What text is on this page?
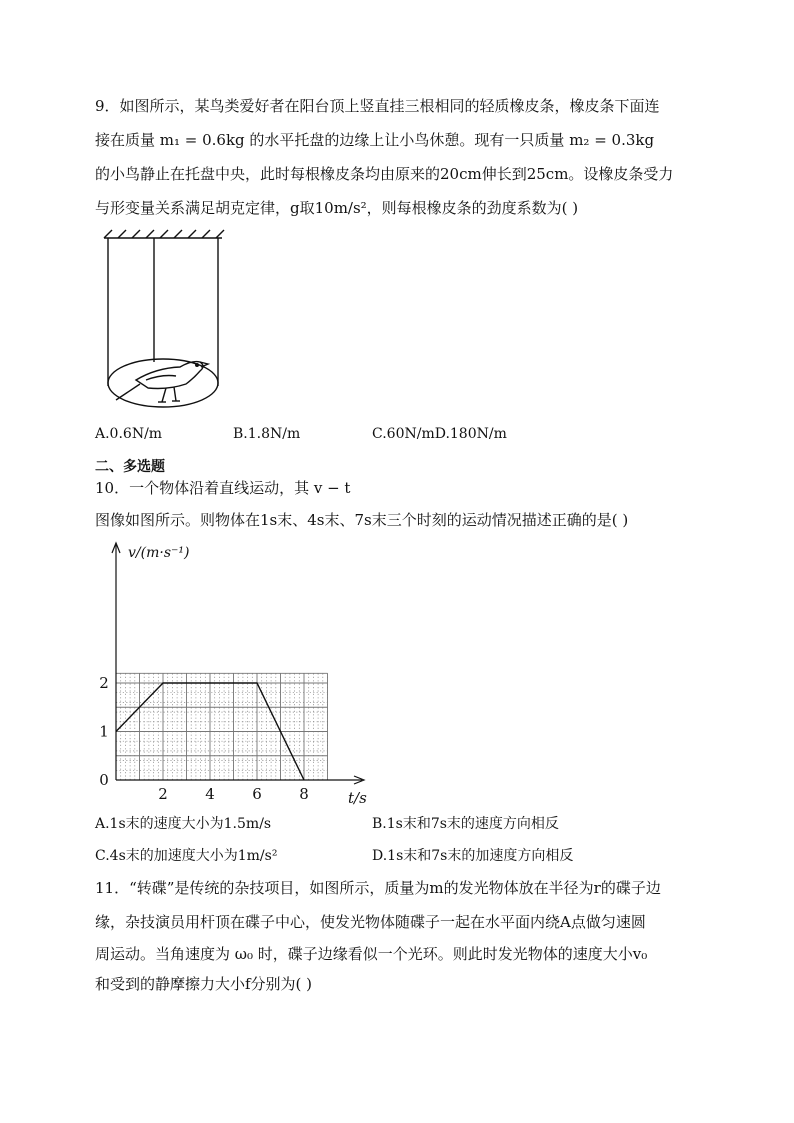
9．如图所示，某鸟类爱好者在阳台顶上竖直挂三根相同的轻质橡皮条，橡皮条下面连
接在质量 m₁ = 0.6kg 的水平托盘的边缘上让小鸟休憩。现有一只质量 m₂ = 0.3kg
的小鸟静止在托盘中央，此时每根橡皮条均由原来的20cm伸长到25cm。设橡皮条受力
与形变量关系满足胡克定律，g取10m/s²，则每根橡皮条的劲度系数为( )
A.0.6N/m	B.1.8N/m	C.60N/mD.180N/m
二、多选题
10．一个物体沿着直线运动，其 v − t
图像如图所示。则物体在1s末、4s末、7s末三个时刻的运动情况描述正确的是( )
2 4 6 8
0
1
2
v/(m·s⁻¹)
t/s
A.1s末的速度大小为1.5m/s	B.1s末和7s末的速度方向相反
C.4s末的加速度大小为1m/s²	D.1s末和7s末的加速度方向相反
11．“转碟”是传统的杂技项目，如图所示，质量为m的发光物体放在半径为r的碟子边
缘，杂技演员用杆顶在碟子中心，使发光物体随碟子一起在水平面内绕A点做匀速圆
周运动。当角速度为 ω₀ 时，碟子边缘看似一个光环。则此时发光物体的速度大小v₀
和受到的静摩擦力大小f分别为( )
